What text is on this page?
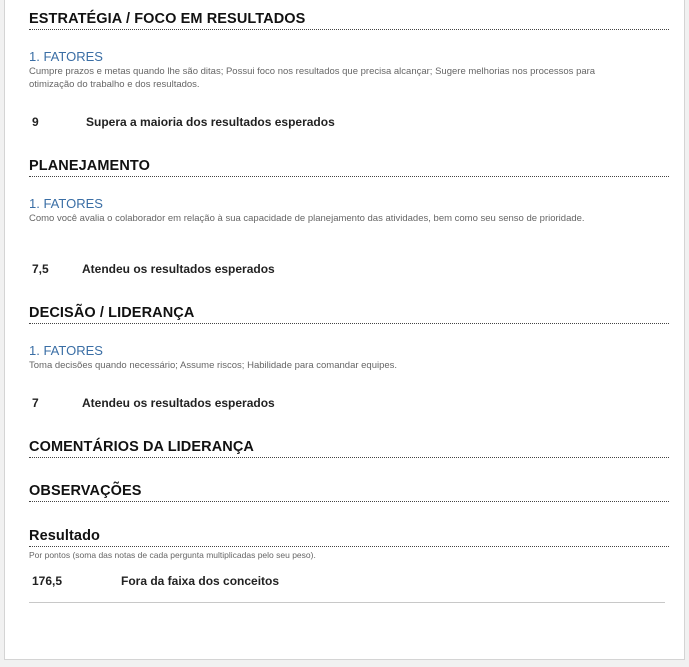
ESTRATÉGIA / FOCO EM RESULTADOS
1. FATORES
Cumpre prazos e metas quando lhe são ditas; Possui foco nos resultados que precisa alcançar; Sugere melhorias nos processos para otimização do trabalho e dos resultados.
9	Supera a maioria dos resultados esperados
PLANEJAMENTO
1. FATORES
Como você avalia o colaborador em relação à sua capacidade de planejamento das atividades, bem como seu senso de prioridade.
7,5	Atendeu os resultados esperados
DECISÃO / LIDERANÇA
1. FATORES
Toma decisões quando necessário; Assume riscos; Habilidade para comandar equipes.
7	Atendeu os resultados esperados
COMENTÁRIOS DA LIDERANÇA
OBSERVAÇÕES
Resultado
Por pontos (soma das notas de cada pergunta multiplicadas pelo seu peso).
176,5	Fora da faixa dos conceitos
